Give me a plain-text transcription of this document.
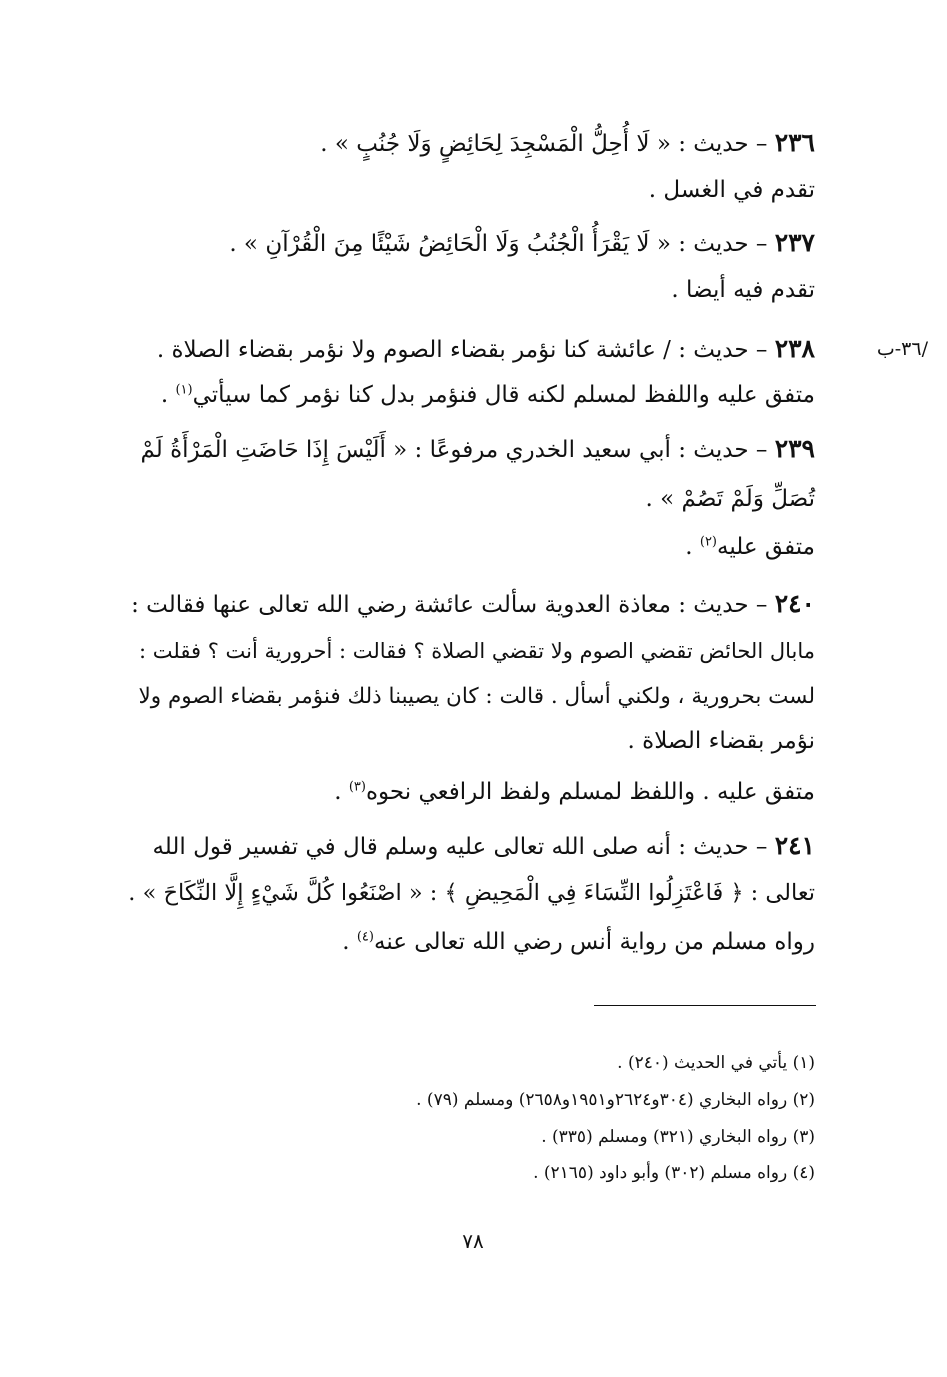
/٣٦-ب
٢٣٦ – حديث : « لَا أُحِلُّ الْمَسْجِدَ لِحَائِضٍ وَلَا جُنُبٍ » .
تقدم في الغسل .
٢٣٧ – حديث : « لَا يَقْرَأُ الْجُنُبُ وَلَا الْحَائِضُ شَيْئًا مِنَ الْقُرْآنِ » .
تقدم فيه أيضا .
٢٣٨ – حديث : / عائشة كنا نؤمر بقضاء الصوم ولا نؤمر بقضاء الصلاة .
متفق عليه واللفظ لمسلم لكنه قال فنؤمر بدل كنا نؤمر كما سيأتي$^{(١)}$ .
٢٣٩ – حديث : أبي سعيد الخدري مرفوعًا : « أَلَيْسَ إِذَا حَاضَتِ الْمَرْأَةُ لَمْ
تُصَلِّ وَلَمْ تَصُمْ » .
متفق عليه$^{(٢)}$ .
٢٤٠ – حديث : معاذة العدوية سألت عائشة رضي الله تعالى عنها فقالت :
مابال الحائض تقضي الصوم ولا تقضي الصلاة ؟ فقالت : أحرورية أنت ؟ فقلت :
لست بحرورية ، ولكني أسأل . قالت : كان يصيبنا ذلك فنؤمر بقضاء الصوم ولا
نؤمر بقضاء الصلاة .
متفق عليه . واللفظ لمسلم ولفظ الرافعي نحوه$^{(٣)}$ .
٢٤١ – حديث : أنه صلى الله تعالى عليه وسلم قال في تفسير قول الله
تعالى : ﴿ فَاعْتَزِلُوا النِّسَاءَ فِي الْمَحِيضِ ﴾ : « اصْنَعُوا كُلَّ شَيْءٍ إِلَّا النِّكَاحَ » .
رواه مسلم من رواية أنس رضي الله تعالى عنه$^{(٤)}$ .
(١) يأتي في الحديث (٢٤٠) .
(٢) رواه البخاري (٣٠٤و٢٦٢٤و١٩٥١و٢٦٥٨) ومسلم (٧٩) .
(٣) رواه البخاري (٣٢١) ومسلم (٣٣٥) .
(٤) رواه مسلم (٣٠٢) وأبو داود (٢١٦٥) .
٧٨
